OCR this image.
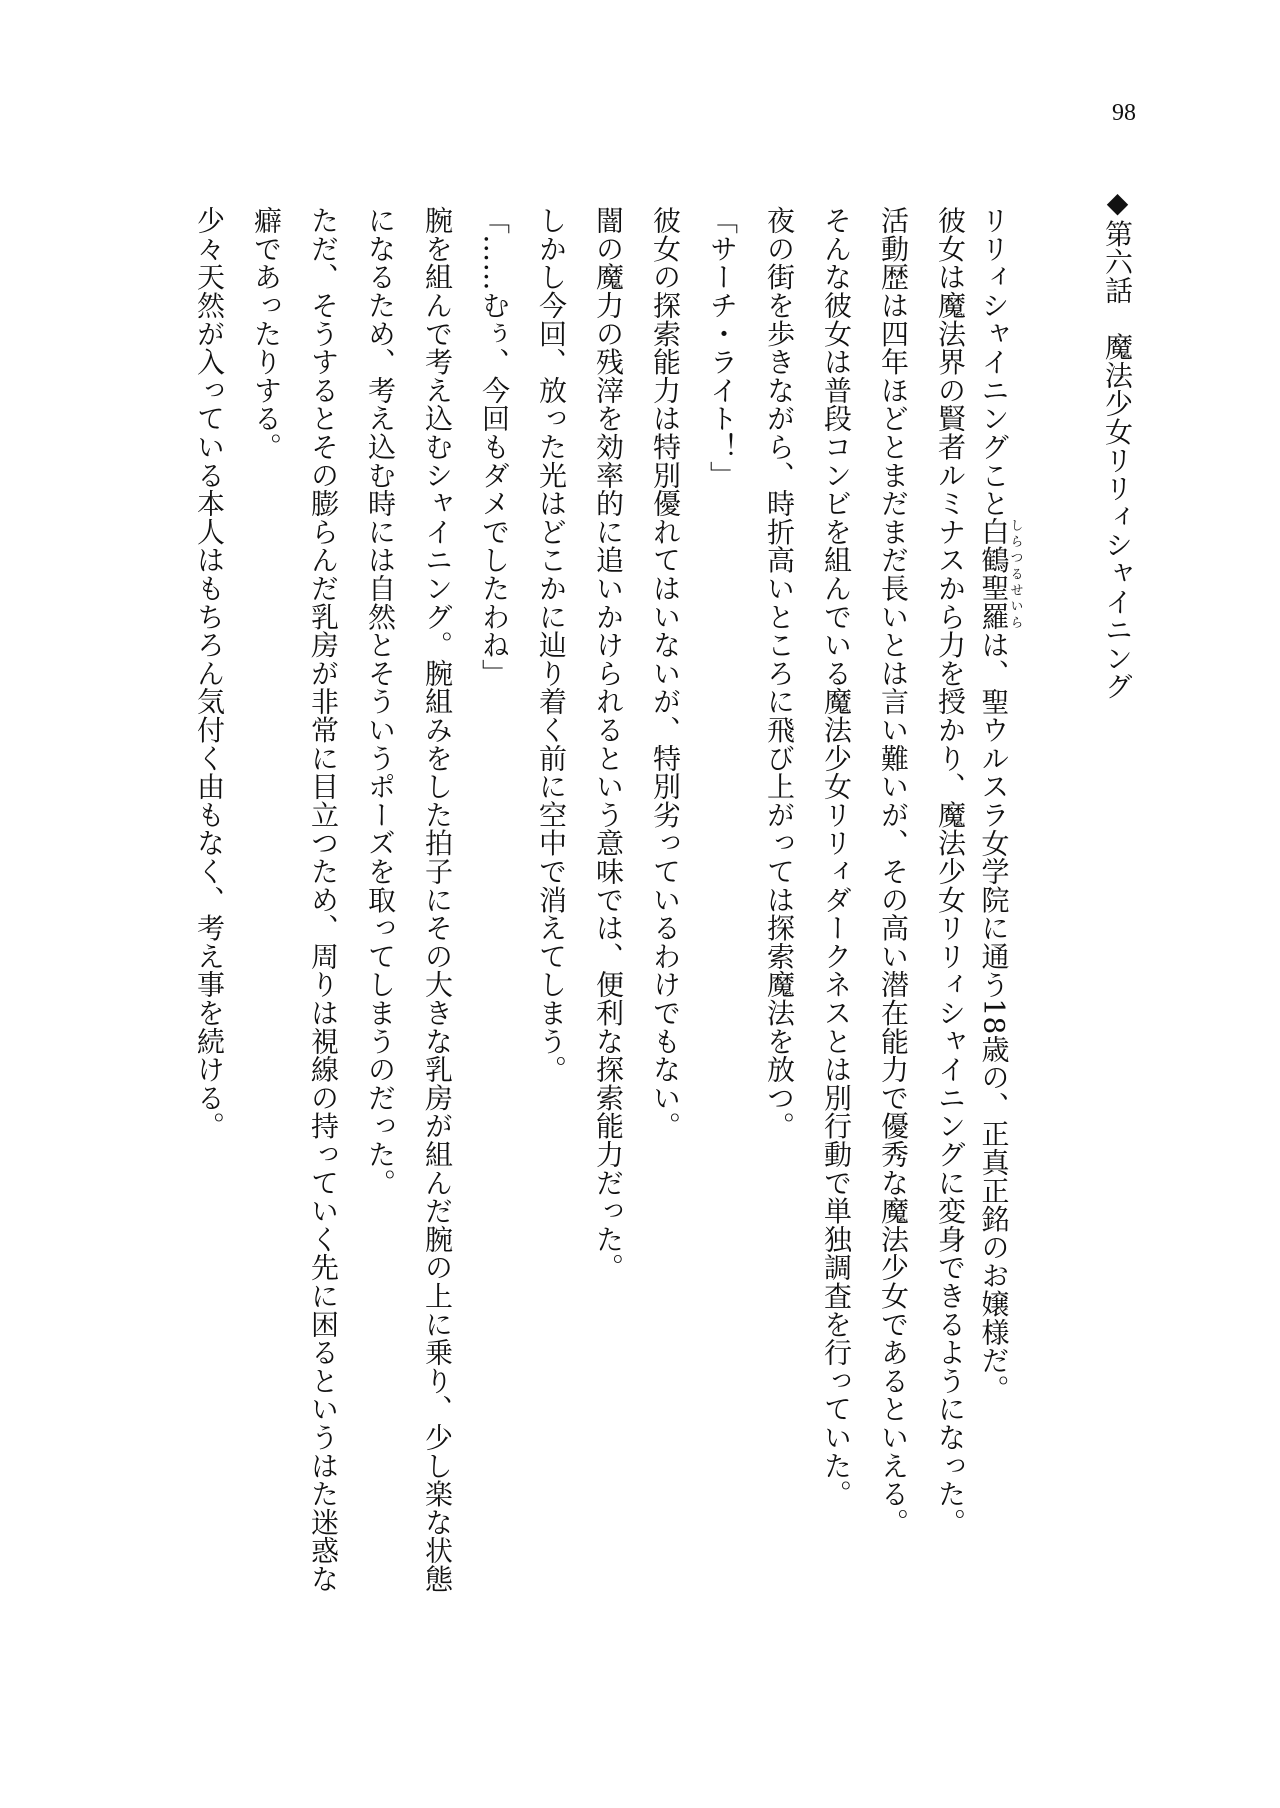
98
◆第六話　魔法少女リリィシャイニング
リリィシャイニングこと白鶴聖羅しらつるせいらは、聖ウルスラ女学院に通う18歳の、正真正銘のお嬢様だ。
彼女は魔法界の賢者ルミナスから力を授かり、魔法少女リリィシャイニングに変身できるようになった。
活動歴は四年ほどとまだまだ長いとは言い難いが、その高い潜在能力で優秀な魔法少女であるといえる。
そんな彼女は普段コンビを組んでいる魔法少女リリィダークネスとは別行動で単独調査を行っていた。
夜の街を歩きながら、時折高いところに飛び上がっては探索魔法を放つ。
「サーチ・ライト！」
彼女の探索能力は特別優れてはいないが、特別劣っているわけでもない。
闇の魔力の残滓を効率的に追いかけられるという意味では、便利な探索能力だった。
しかし今回、放った光はどこかに辿り着く前に空中で消えてしまう。
「……むぅ、今回もダメでしたわね」
腕を組んで考え込むシャイニング。腕組みをした拍子にその大きな乳房が組んだ腕の上に乗り、少し楽な状態
になるため、考え込む時には自然とそういうポーズを取ってしまうのだった。
ただ、そうするとその膨らんだ乳房が非常に目立つため、周りは視線の持っていく先に困るというはた迷惑な
癖であったりする。
少々天然が入っている本人はもちろん気付く由もなく、考え事を続ける。
